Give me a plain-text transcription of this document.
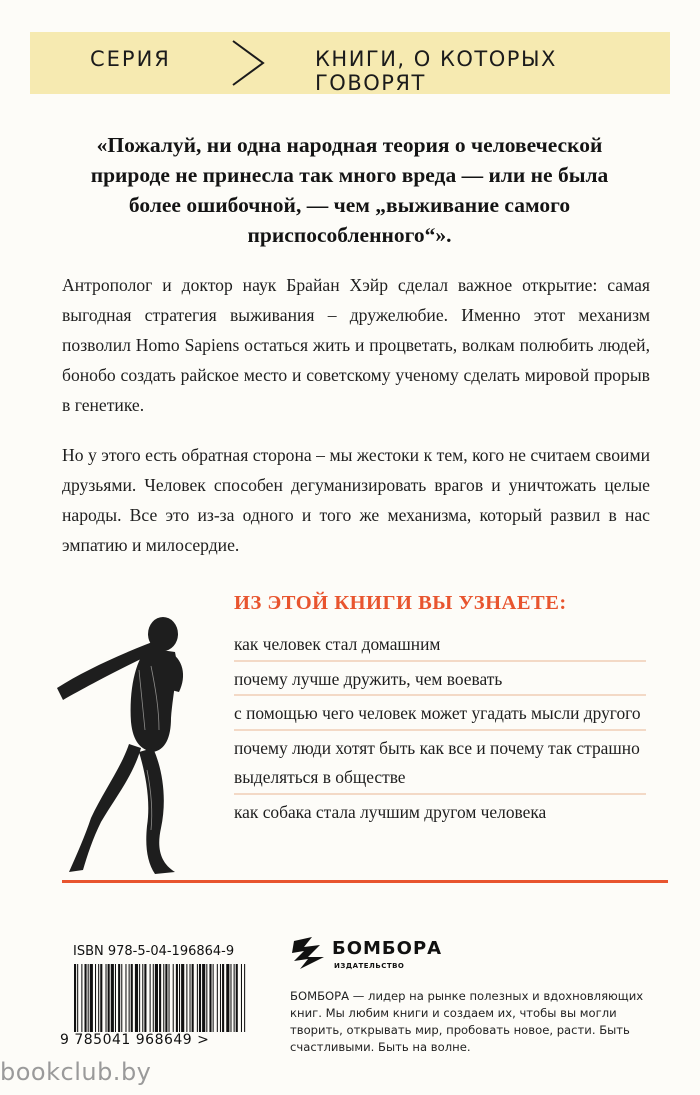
СЕРИЯ	КНИГИ, О КОТОРЫХ ГОВОРЯТ
«Пожалуй, ни одна народная теория о человеческой природе не принесла так много вреда — или не была более ошибочной, — чем „выживание самого приспособленного“».
Антрополог и доктор наук Брайан Хэйр сделал важное открытие: самая выгодная стратегия выживания – дружелюбие. Именно этот механизм позволил Homo Sapiens остаться жить и процветать, волкам полюбить людей, бонобо создать райское место и советскому ученому сделать мировой прорыв в генетике.
Но у этого есть обратная сторона – мы жестоки к тем, кого не считаем своими друзьями. Человек способен дегуманизировать врагов и уничтожать целые народы. Все это из-за одного и того же механизма, который развил в нас эмпатию и милосердие.
ИЗ ЭТОЙ КНИГИ ВЫ УЗНАЕТЕ:
как человек стал домашним
почему лучше дружить, чем воевать
с помощью чего человек может угадать мысли другого
почему люди хотят быть как все и почему так страшно выделяться в обществе
как собака стала лучшим другом человека
ISBN 978-5-04-196864-9
9 785041 968649 >
БОМБОРА
ИЗДАТЕЛЬСТВО
БОМБОРА — лидер на рынке полезных и вдохновляющих книг. Мы любим книги и создаем их, чтобы вы могли творить, открывать мир, пробовать новое, расти. Быть счастливыми. Быть на волне.
bookclub.by
